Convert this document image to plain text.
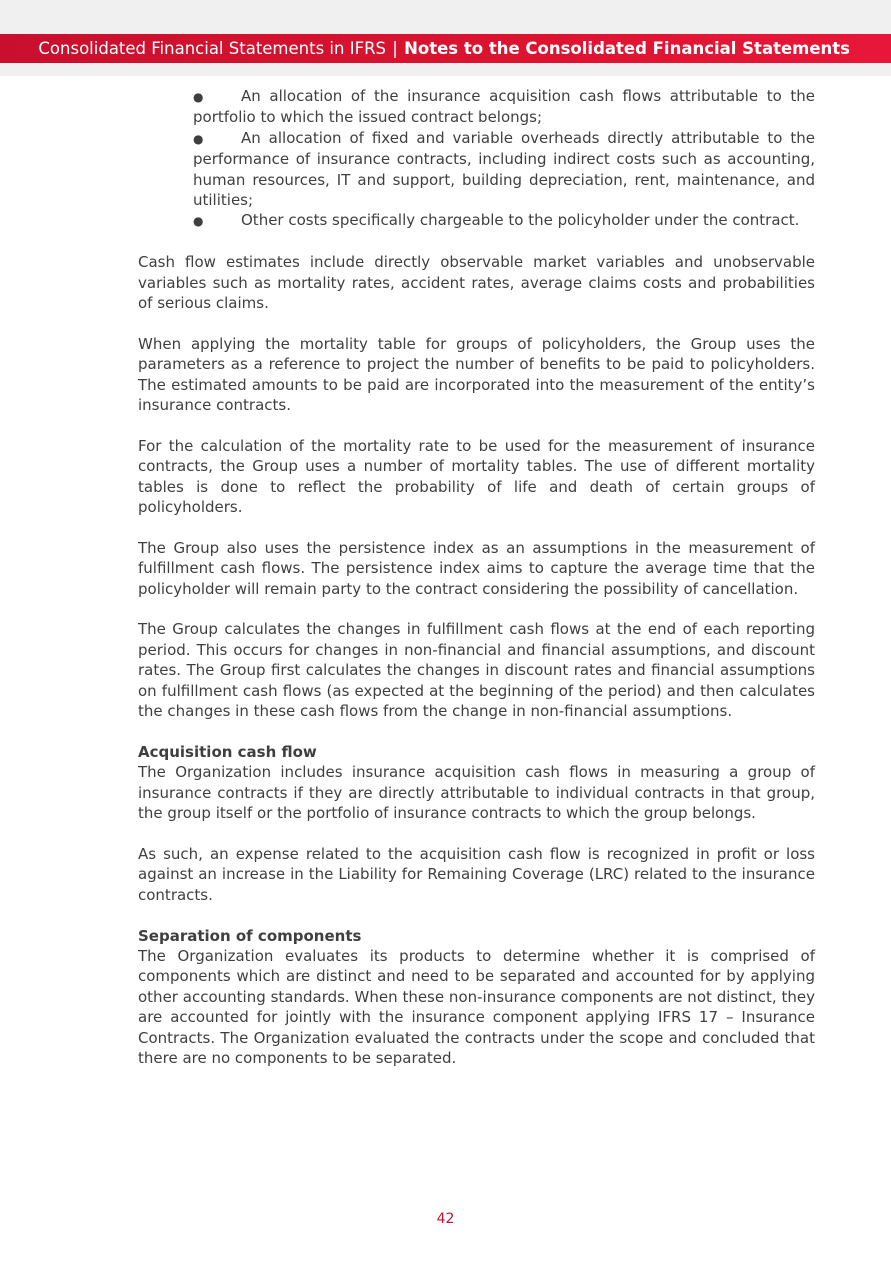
Consolidated Financial Statements in IFRS | Notes to the Consolidated Financial Statements
●	An allocation of the insurance acquisition cash flows attributable to the portfolio to which the issued contract belongs;
●	An allocation of fixed and variable overheads directly attributable to the performance of insurance contracts, including indirect costs such as accounting, human resources, IT and support, building depreciation, rent, maintenance, and utilities;
●	Other costs specifically chargeable to the policyholder under the contract.

Cash flow estimates include directly observable market variables and unobservable variables such as mortality rates, accident rates, average claims costs and probabilities of serious claims.

When applying the mortality table for groups of policyholders, the Group uses the parameters as a reference to project the number of benefits to be paid to policyholders. The estimated amounts to be paid are incorporated into the measurement of the entity’s insurance contracts.

For the calculation of the mortality rate to be used for the measurement of insurance contracts, the Group uses a number of mortality tables. The use of different mortality tables is done to reflect the probability of life and death of certain groups of policyholders.

The Group also uses the persistence index as an assumptions in the measurement of fulfillment cash flows. The persistence index aims to capture the average time that the policyholder will remain party to the contract considering the possibility of cancellation.

The Group calculates the changes in fulfillment cash flows at the end of each reporting period. This occurs for changes in non-financial and financial assumptions, and discount rates. The Group first calculates the changes in discount rates and financial assumptions on fulfillment cash flows (as expected at the beginning of the period) and then calculates the changes in these cash flows from the change in non-financial assumptions.

Acquisition cash flow

The Organization includes insurance acquisition cash flows in measuring a group of insurance contracts if they are directly attributable to individual contracts in that group, the group itself or the portfolio of insurance contracts to which the group belongs.

As such, an expense related to the acquisition cash flow is recognized in profit or loss against an increase in the Liability for Remaining Coverage (LRC) related to the insurance contracts.

Separation of components

The Organization evaluates its products to determine whether it is comprised of components which are distinct and need to be separated and accounted for by applying other accounting standards. When these non-insurance components are not distinct, they are accounted for jointly with the insurance component applying IFRS 17 – Insurance Contracts. The Organization evaluated the contracts under the scope and concluded that there are no components to be separated.

42
